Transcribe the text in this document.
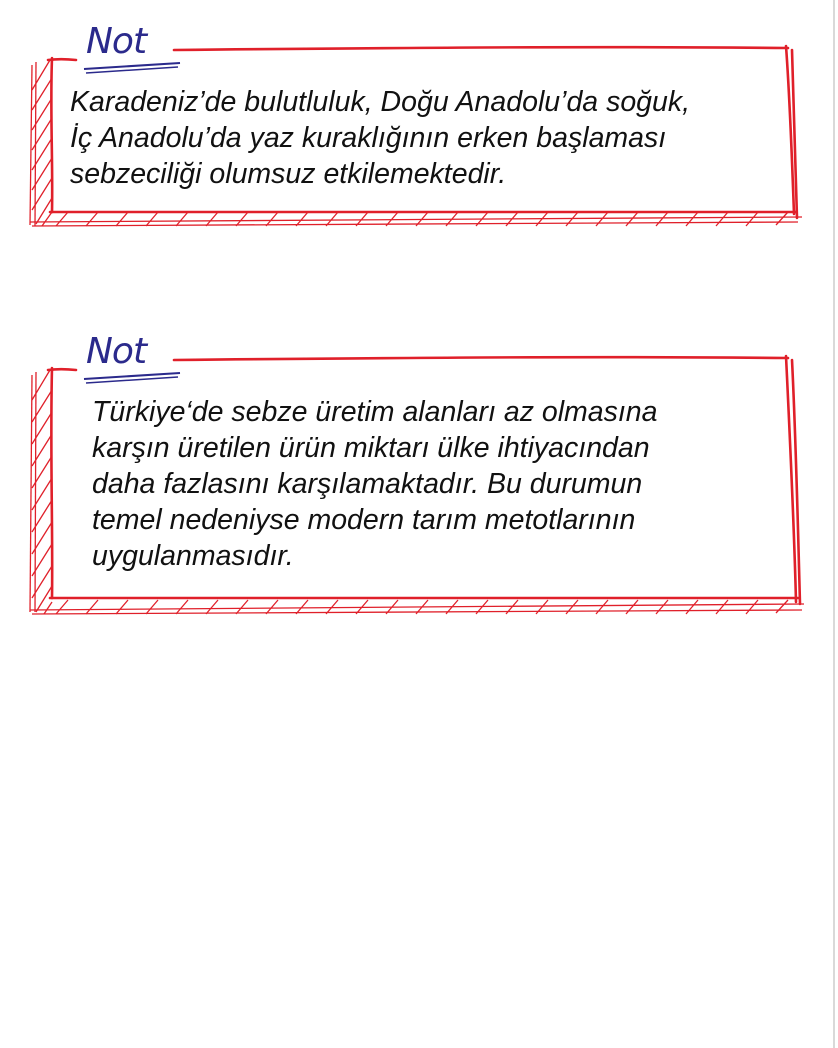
Not
Karadeniz’de bulutluluk, Doğu Anadolu’da soğuk,
İç Anadolu’da yaz kuraklığının erken başlaması
sebzeciliği olumsuz etkilemektedir.
Not
Türkiye‘de sebze üretim alanları az olmasına
karşın üretilen ürün miktarı ülke ihtiyacından
daha fazlasını karşılamaktadır. Bu durumun
temel nedeniyse modern tarım metotlarının
uygulanmasıdır.
